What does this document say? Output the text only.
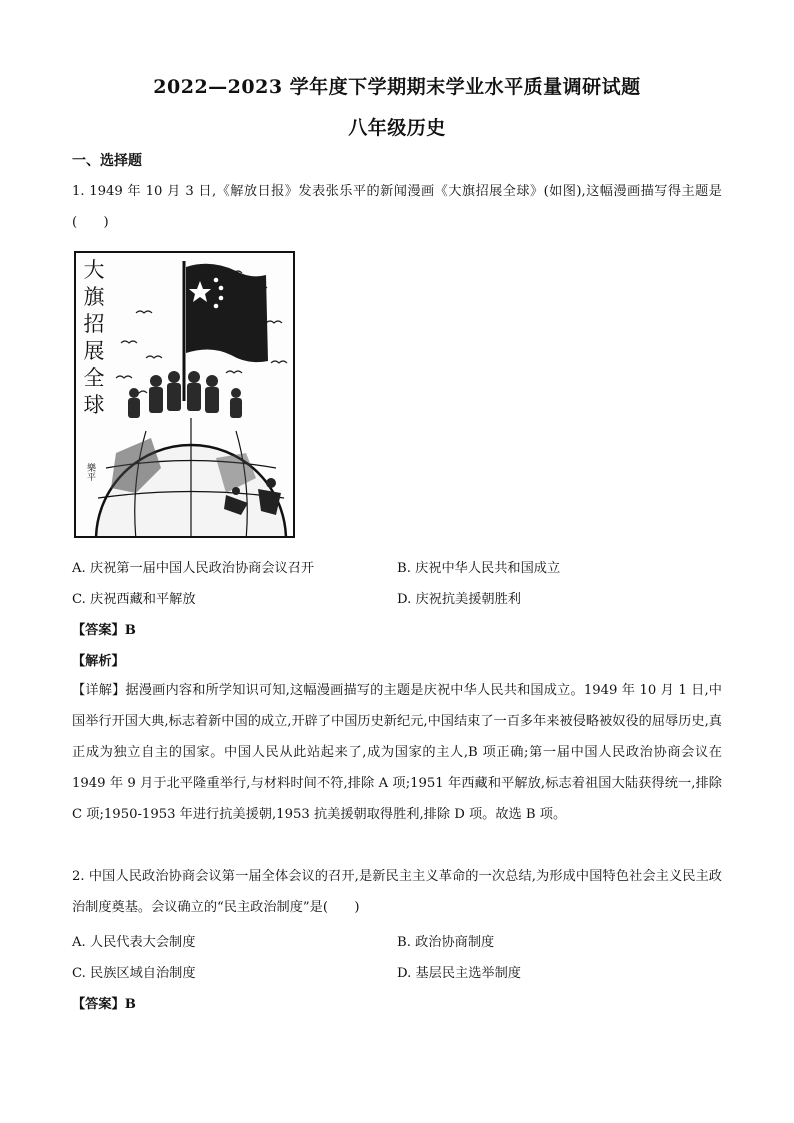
2022—2023 学年度下学期期末学业水平质量调研试题
八年级历史
一、选择题
1. 1949 年 10 月 3 日,《解放日报》发表张乐平的新闻漫画《大旗招展全球》(如图),这幅漫画描写得主题是(　　)
大
旗
招
展
全
球
樂平
A. 庆祝第一届中国人民政治协商会议召开	B. 庆祝中华人民共和国成立
C. 庆祝西藏和平解放	D. 庆祝抗美援朝胜利
【答案】B
【解析】
【详解】据漫画内容和所学知识可知,这幅漫画描写的主题是庆祝中华人民共和国成立。1949 年 10 月 1 日,中国举行开国大典,标志着新中国的成立,开辟了中国历史新纪元,中国结束了一百多年来被侵略被奴役的屈辱历史,真正成为独立自主的国家。中国人民从此站起来了,成为国家的主人,B 项正确;第一届中国人民政治协商会议在 1949 年 9 月于北平隆重举行,与材料时间不符,排除 A 项;1951 年西藏和平解放,标志着祖国大陆获得统一,排除 C 项;1950-1953 年进行抗美援朝,1953 抗美援朝取得胜利,排除 D 项。故选 B 项。
2. 中国人民政治协商会议第一届全体会议的召开,是新民主主义革命的一次总结,为形成中国特色社会主义民主政治制度奠基。会议确立的“民主政治制度”是(　　)
A. 人民代表大会制度	B. 政治协商制度
C. 民族区域自治制度	D. 基层民主选举制度
【答案】B
